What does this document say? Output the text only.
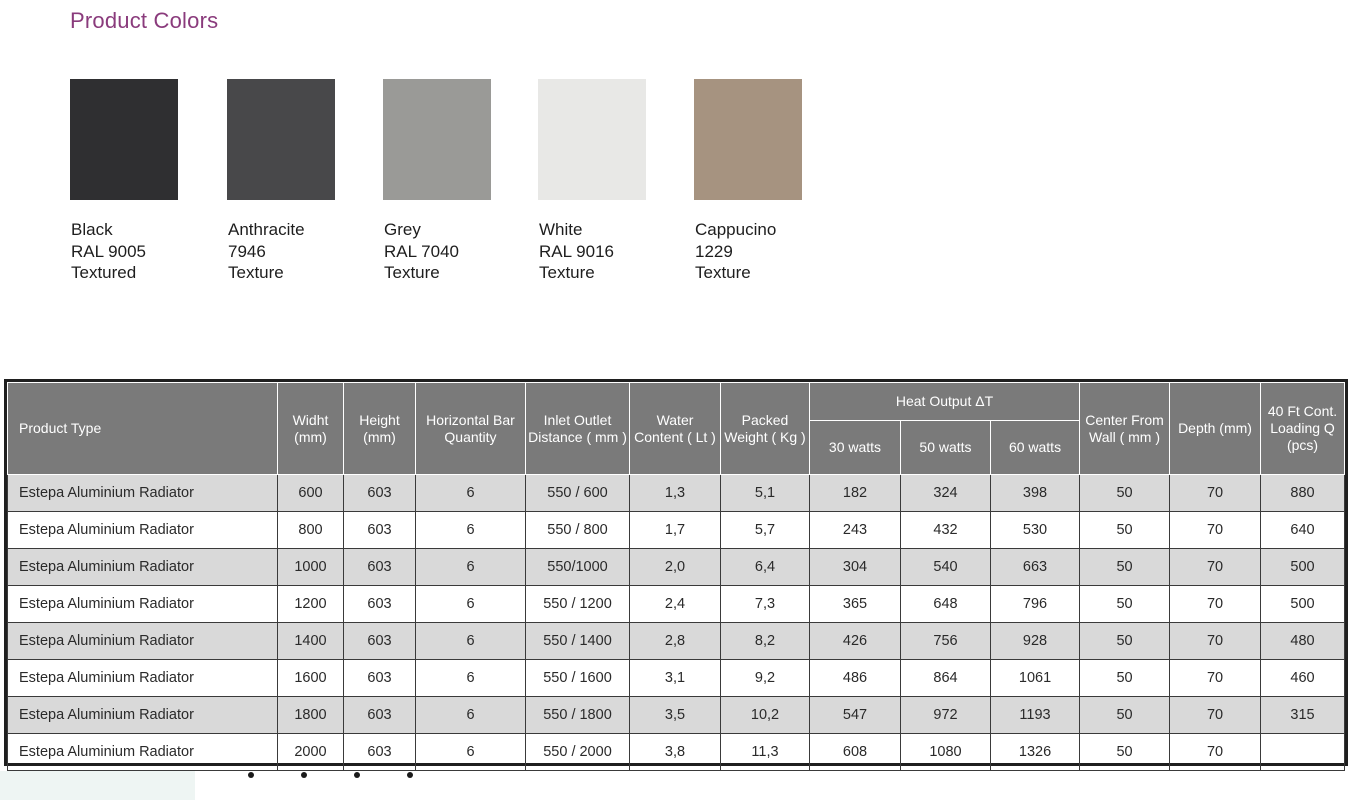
Product Colors
Black
RAL 9005
Textured
Anthracite
7946
Texture
Grey
RAL 7040
Texture
White
RAL 9016
Texture
Cappucino
1229
Texture
Product Type	Widht (mm)	Height (mm)	Horizontal Bar Quantity	Inlet Outlet Distance ( mm )	Water Content ( Lt )	Packed Weight ( Kg )	Heat Output ΔT			Center From Wall ( mm )	Depth (mm)	40 Ft Cont. Loading Q (pcs)
							30 watts	50 watts	60 watts			
Estepa Aluminium Radiator	600	603	6	550 / 600	1,3	5,1	182	324	398	50	70	880
Estepa Aluminium Radiator	800	603	6	550 / 800	1,7	5,7	243	432	530	50	70	640
Estepa Aluminium Radiator	1000	603	6	550/1000	2,0	6,4	304	540	663	50	70	500
Estepa Aluminium Radiator	1200	603	6	550 / 1200	2,4	7,3	365	648	796	50	70	500
Estepa Aluminium Radiator	1400	603	6	550 / 1400	2,8	8,2	426	756	928	50	70	480
Estepa Aluminium Radiator	1600	603	6	550 / 1600	3,1	9,2	486	864	1061	50	70	460
Estepa Aluminium Radiator	1800	603	6	550 / 1800	3,5	10,2	547	972	1193	50	70	315
Estepa Aluminium Radiator	2000	603	6	550 / 2000	3,8	11,3	608	1080	1326	50	70	
